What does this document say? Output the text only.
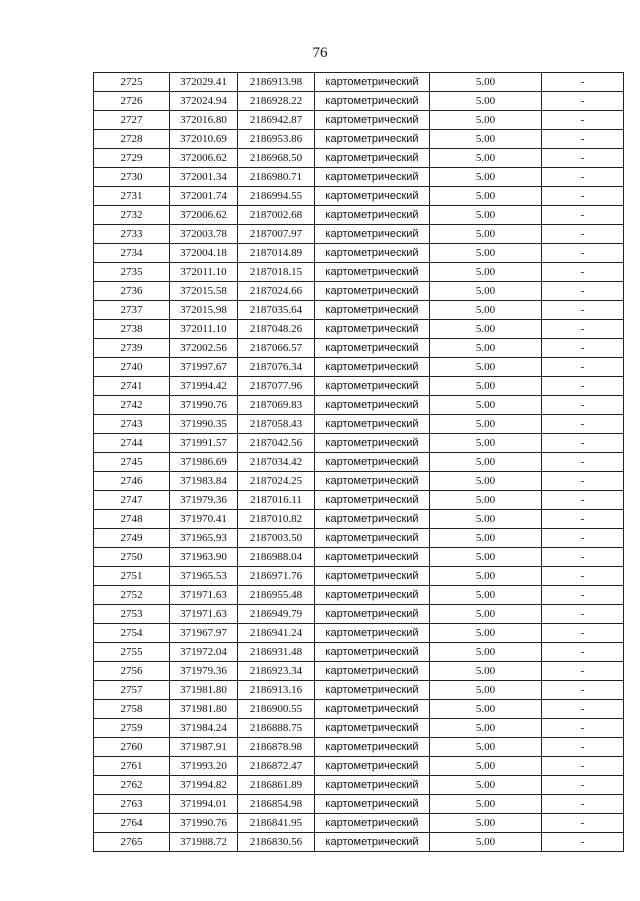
76
2725	372029.41	2186913.98	картометрический	5.00	-
2726	372024.94	2186928.22	картометрический	5.00	-
2727	372016.80	2186942.87	картометрический	5.00	-
2728	372010.69	2186953.86	картометрический	5.00	-
2729	372006.62	2186968.50	картометрический	5.00	-
2730	372001.34	2186980.71	картометрический	5.00	-
2731	372001.74	2186994.55	картометрический	5.00	-
2732	372006.62	2187002.68	картометрический	5.00	-
2733	372003.78	2187007.97	картометрический	5.00	-
2734	372004.18	2187014.89	картометрический	5.00	-
2735	372011.10	2187018.15	картометрический	5.00	-
2736	372015.58	2187024.66	картометрический	5.00	-
2737	372015.98	2187035.64	картометрический	5.00	-
2738	372011.10	2187048.26	картометрический	5.00	-
2739	372002.56	2187066.57	картометрический	5.00	-
2740	371997.67	2187076.34	картометрический	5.00	-
2741	371994.42	2187077.96	картометрический	5.00	-
2742	371990.76	2187069.83	картометрический	5.00	-
2743	371990.35	2187058.43	картометрический	5.00	-
2744	371991.57	2187042.56	картометрический	5.00	-
2745	371986.69	2187034.42	картометрический	5.00	-
2746	371983.84	2187024.25	картометрический	5.00	-
2747	371979.36	2187016.11	картометрический	5.00	-
2748	371970.41	2187010.82	картометрический	5.00	-
2749	371965.93	2187003.50	картометрический	5.00	-
2750	371963.90	2186988.04	картометрический	5.00	-
2751	371965.53	2186971.76	картометрический	5.00	-
2752	371971.63	2186955.48	картометрический	5.00	-
2753	371971.63	2186949.79	картометрический	5.00	-
2754	371967.97	2186941.24	картометрический	5.00	-
2755	371972.04	2186931.48	картометрический	5.00	-
2756	371979.36	2186923.34	картометрический	5.00	-
2757	371981.80	2186913.16	картометрический	5.00	-
2758	371981.80	2186900.55	картометрический	5.00	-
2759	371984.24	2186888.75	картометрический	5.00	-
2760	371987.91	2186878.98	картометрический	5.00	-
2761	371993.20	2186872.47	картометрический	5.00	-
2762	371994.82	2186861.89	картометрический	5.00	-
2763	371994.01	2186854.98	картометрический	5.00	-
2764	371990.76	2186841.95	картометрический	5.00	-
2765	371988.72	2186830.56	картометрический	5.00	-
